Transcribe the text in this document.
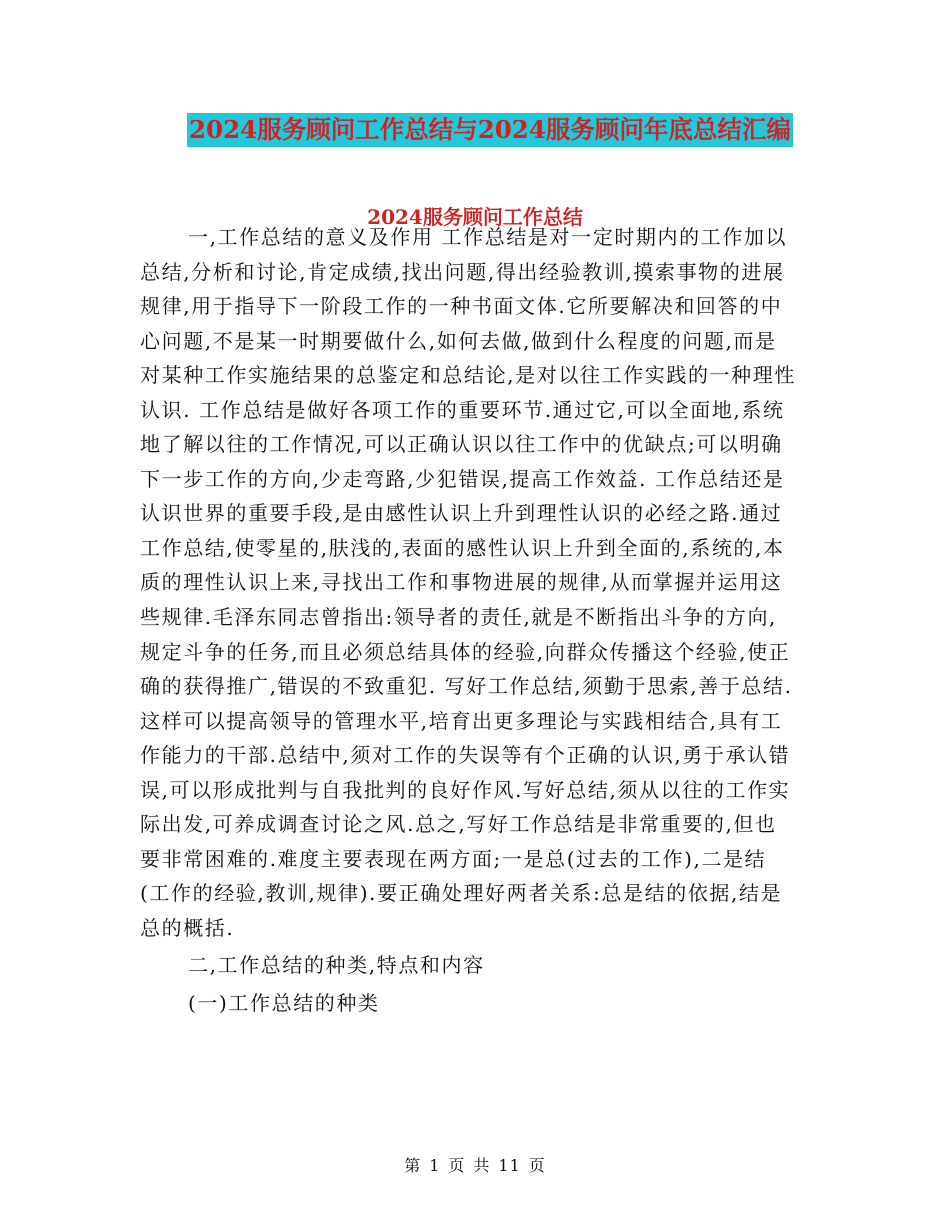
2024服务顾问工作总结与2024服务顾问年底总结汇编
2024服务顾问工作总结
一,工作总结的意义及作用 工作总结是对一定时期内的工作加以
总结,分析和讨论,肯定成绩,找出问题,得出经验教训,摸索事物的进展
规律,用于指导下一阶段工作的一种书面文体.它所要解决和回答的中
心问题,不是某一时期要做什么,如何去做,做到什么程度的问题,而是
对某种工作实施结果的总鉴定和总结论,是对以往工作实践的一种理性
认识. 工作总结是做好各项工作的重要环节.通过它,可以全面地,系统
地了解以往的工作情况,可以正确认识以往工作中的优缺点;可以明确
下一步工作的方向,少走弯路,少犯错误,提高工作效益. 工作总结还是
认识世界的重要手段,是由感性认识上升到理性认识的必经之路.通过
工作总结,使零星的,肤浅的,表面的感性认识上升到全面的,系统的,本
质的理性认识上来,寻找出工作和事物进展的规律,从而掌握并运用这
些规律.毛泽东同志曾指出:领导者的责任,就是不断指出斗争的方向,
规定斗争的任务,而且必须总结具体的经验,向群众传播这个经验,使正
确的获得推广,错误的不致重犯. 写好工作总结,须勤于思索,善于总结.
这样可以提高领导的管理水平,培育出更多理论与实践相结合,具有工
作能力的干部.总结中,须对工作的失误等有个正确的认识,勇于承认错
误,可以形成批判与自我批判的良好作风.写好总结,须从以往的工作实
际出发,可养成调查讨论之风.总之,写好工作总结是非常重要的,但也
要非常困难的.难度主要表现在两方面;一是总(过去的工作),二是结
(工作的经验,教训,规律).要正确处理好两者关系:总是结的依据,结是
总的概括.
二,工作总结的种类,特点和内容
(一)工作总结的种类
第 1 页 共 11 页
